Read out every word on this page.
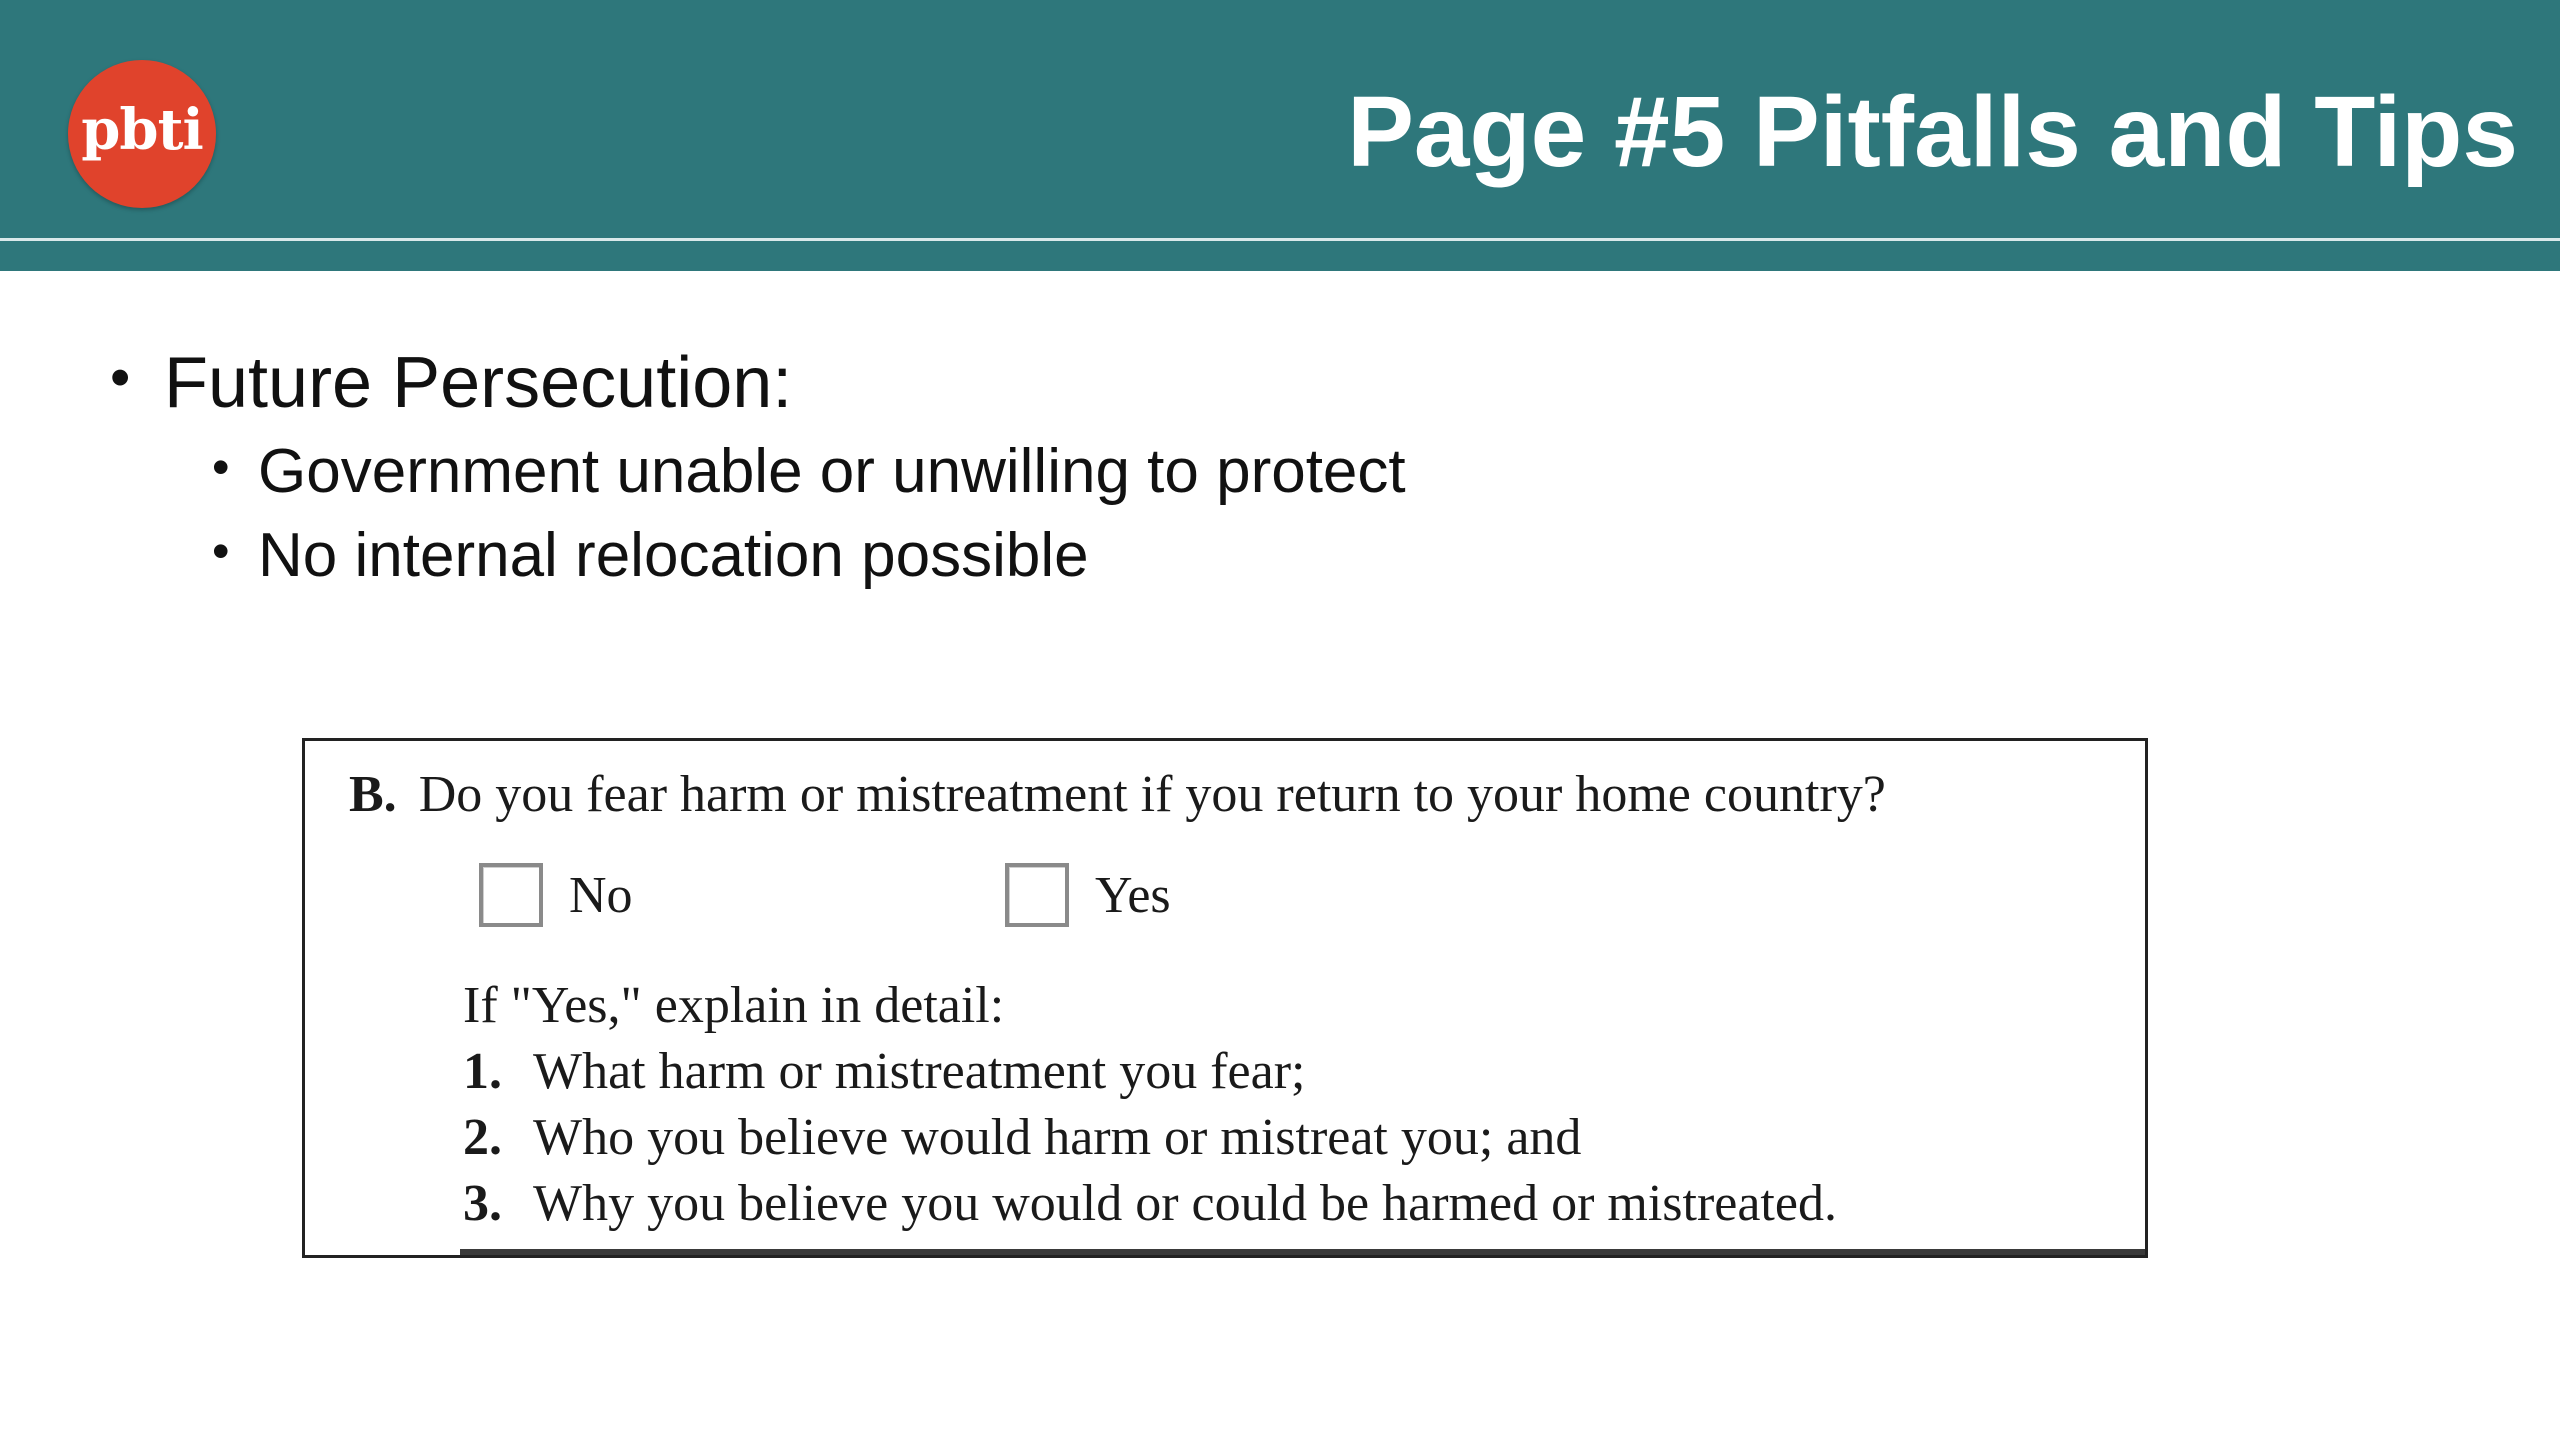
pbti	Page #5 Pitfalls and Tips
• Future Persecution:
• Government unable or unwilling to protect
• No internal relocation possible
B. Do you fear harm or mistreatment if you return to your home country?
No	Yes
If "Yes," explain in detail:
1. What harm or mistreatment you fear;
2. Who you believe would harm or mistreat you; and
3. Why you believe you would or could be harmed or mistreated.
